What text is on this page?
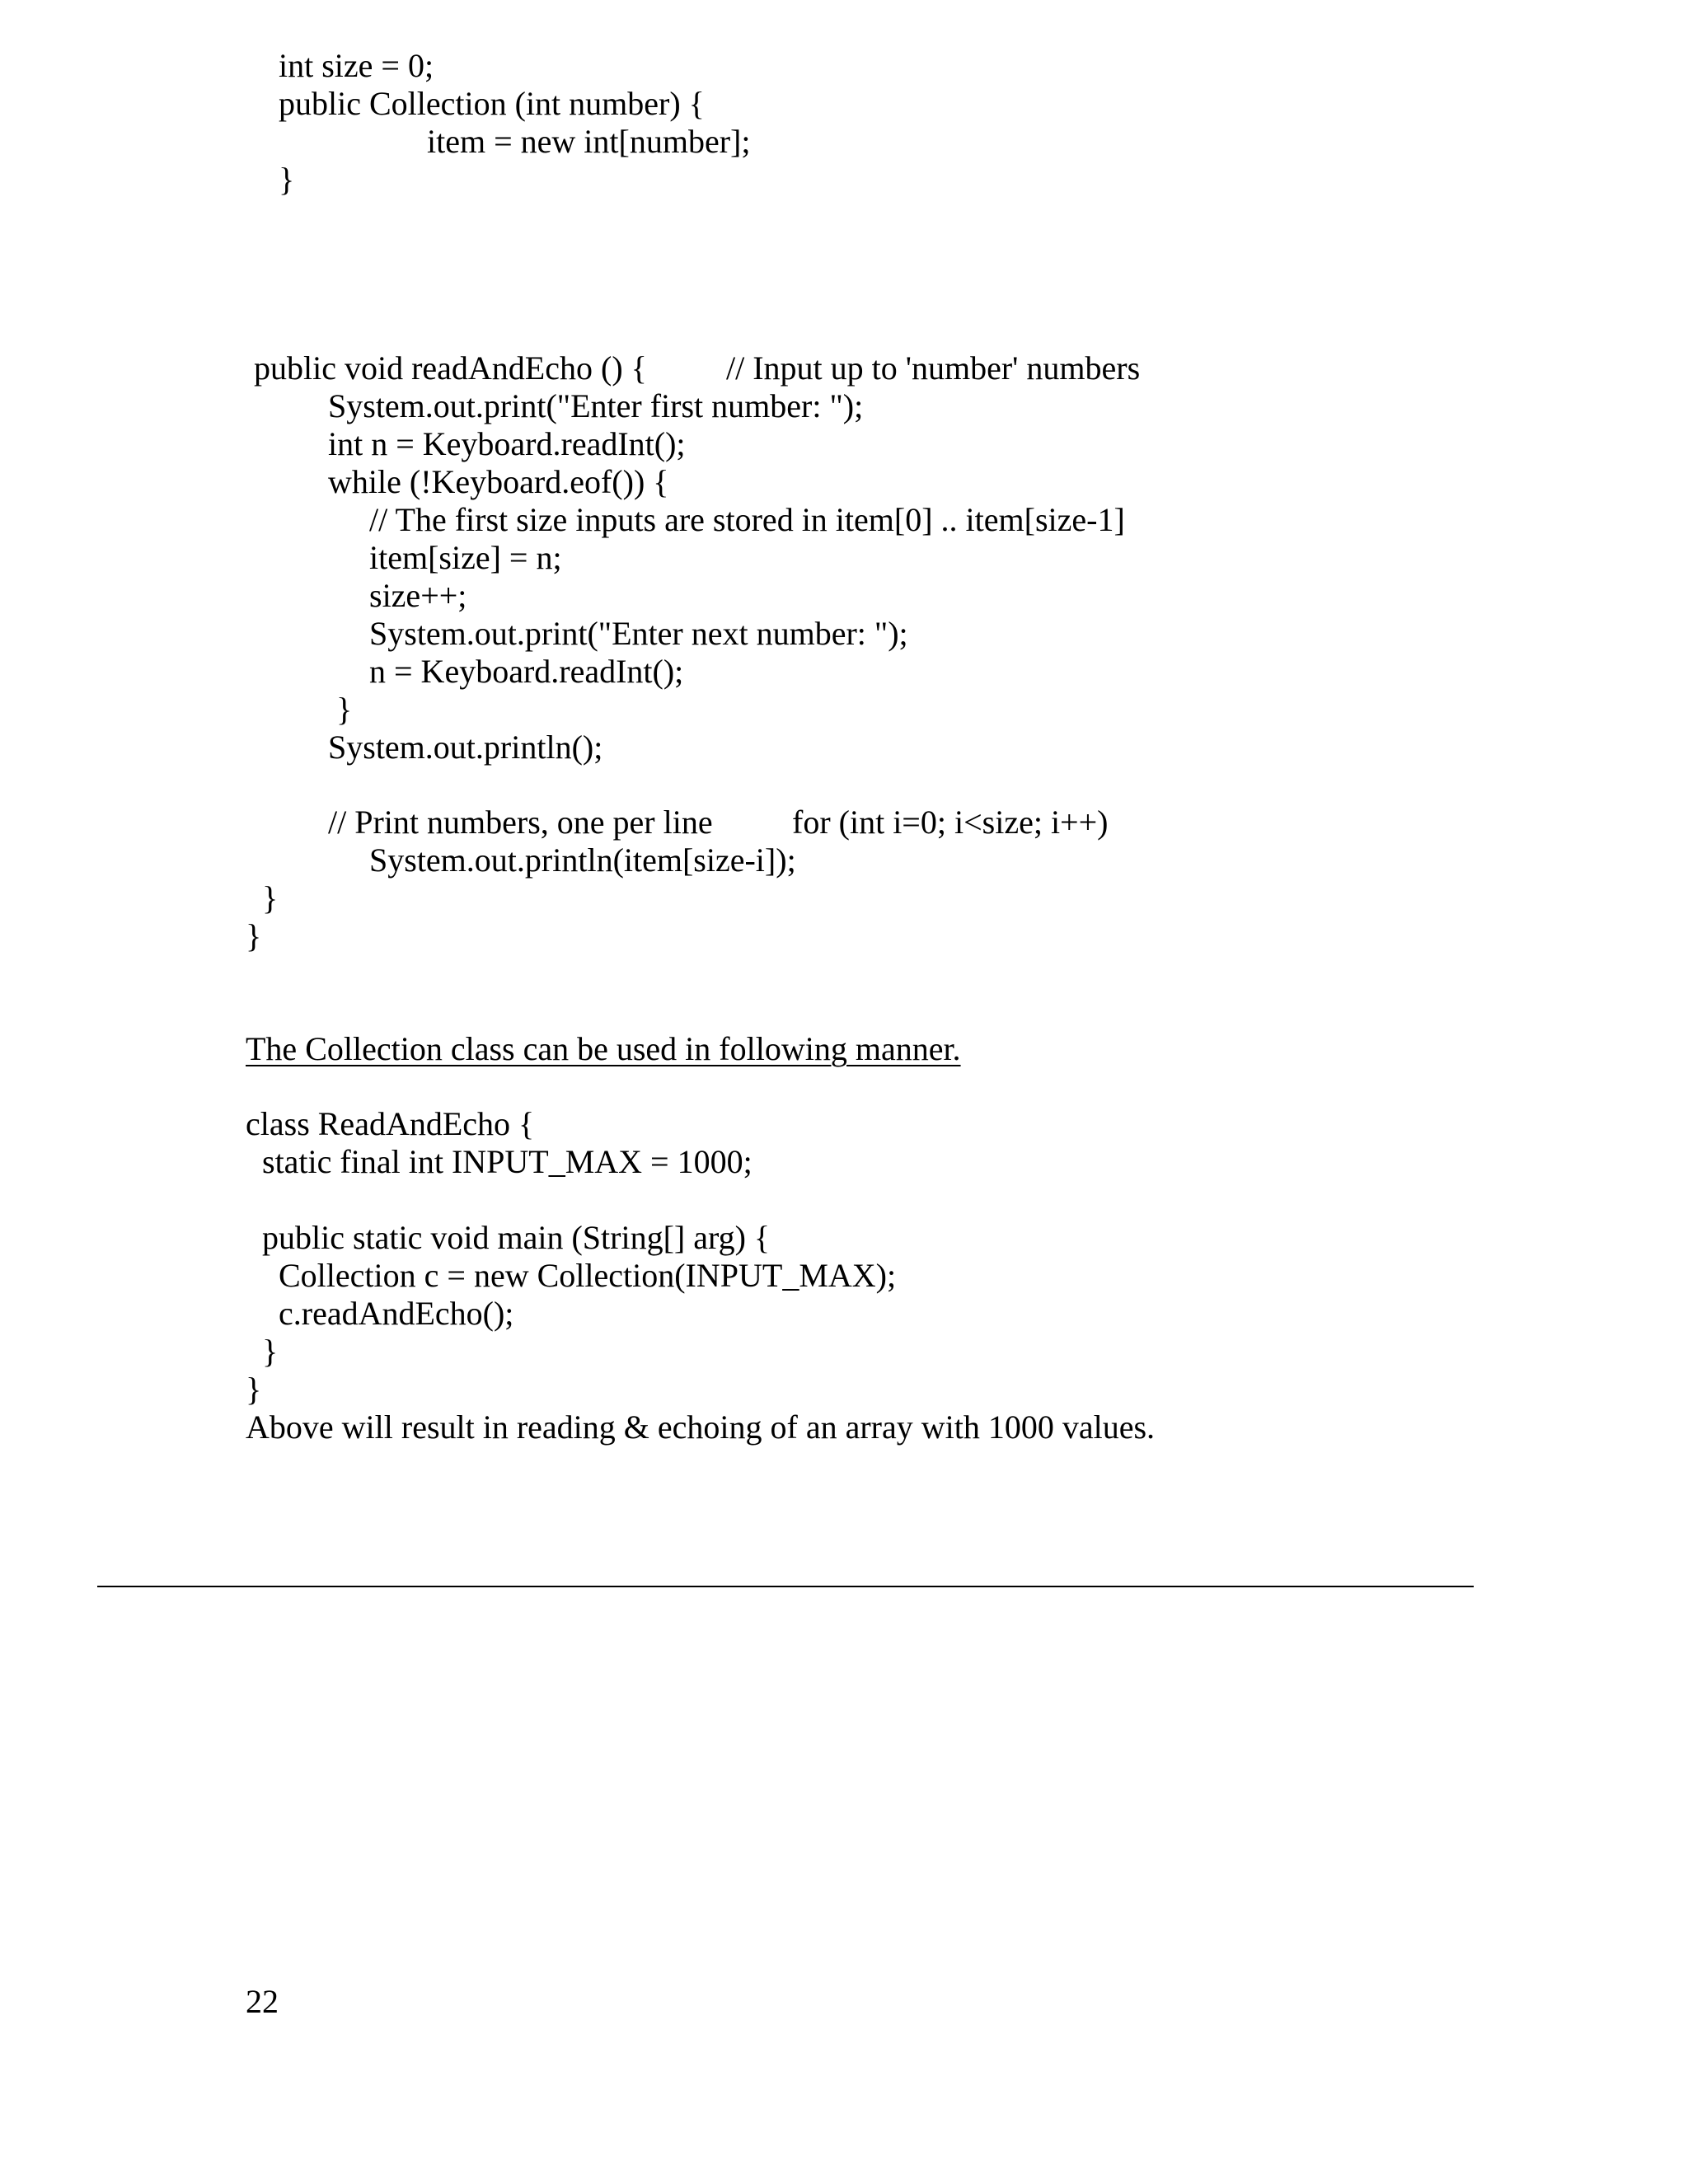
int size = 0;
public Collection (int number) {
item = new int[number];
}
public void readAndEcho () { // Input up to 'number' numbers
System.out.print("Enter first number: ");
int n = Keyboard.readInt();
while (!Keyboard.eof()) {
// The first size inputs are stored in item[0] .. item[size-1]
item[size] = n;
size++;
System.out.print("Enter next number: ");
n = Keyboard.readInt();
}
System.out.println();
// Print numbers, one per line for (int i=0; i<size; i++)
System.out.println(item[size-i]);
}
}
The Collection class can be used in following manner.
class ReadAndEcho {
static final int INPUT_MAX = 1000;
public static void main (String[] arg) {
Collection c = new Collection(INPUT_MAX);
c.readAndEcho();
}
}
Above will result in reading & echoing of an array with 1000 values.
22
